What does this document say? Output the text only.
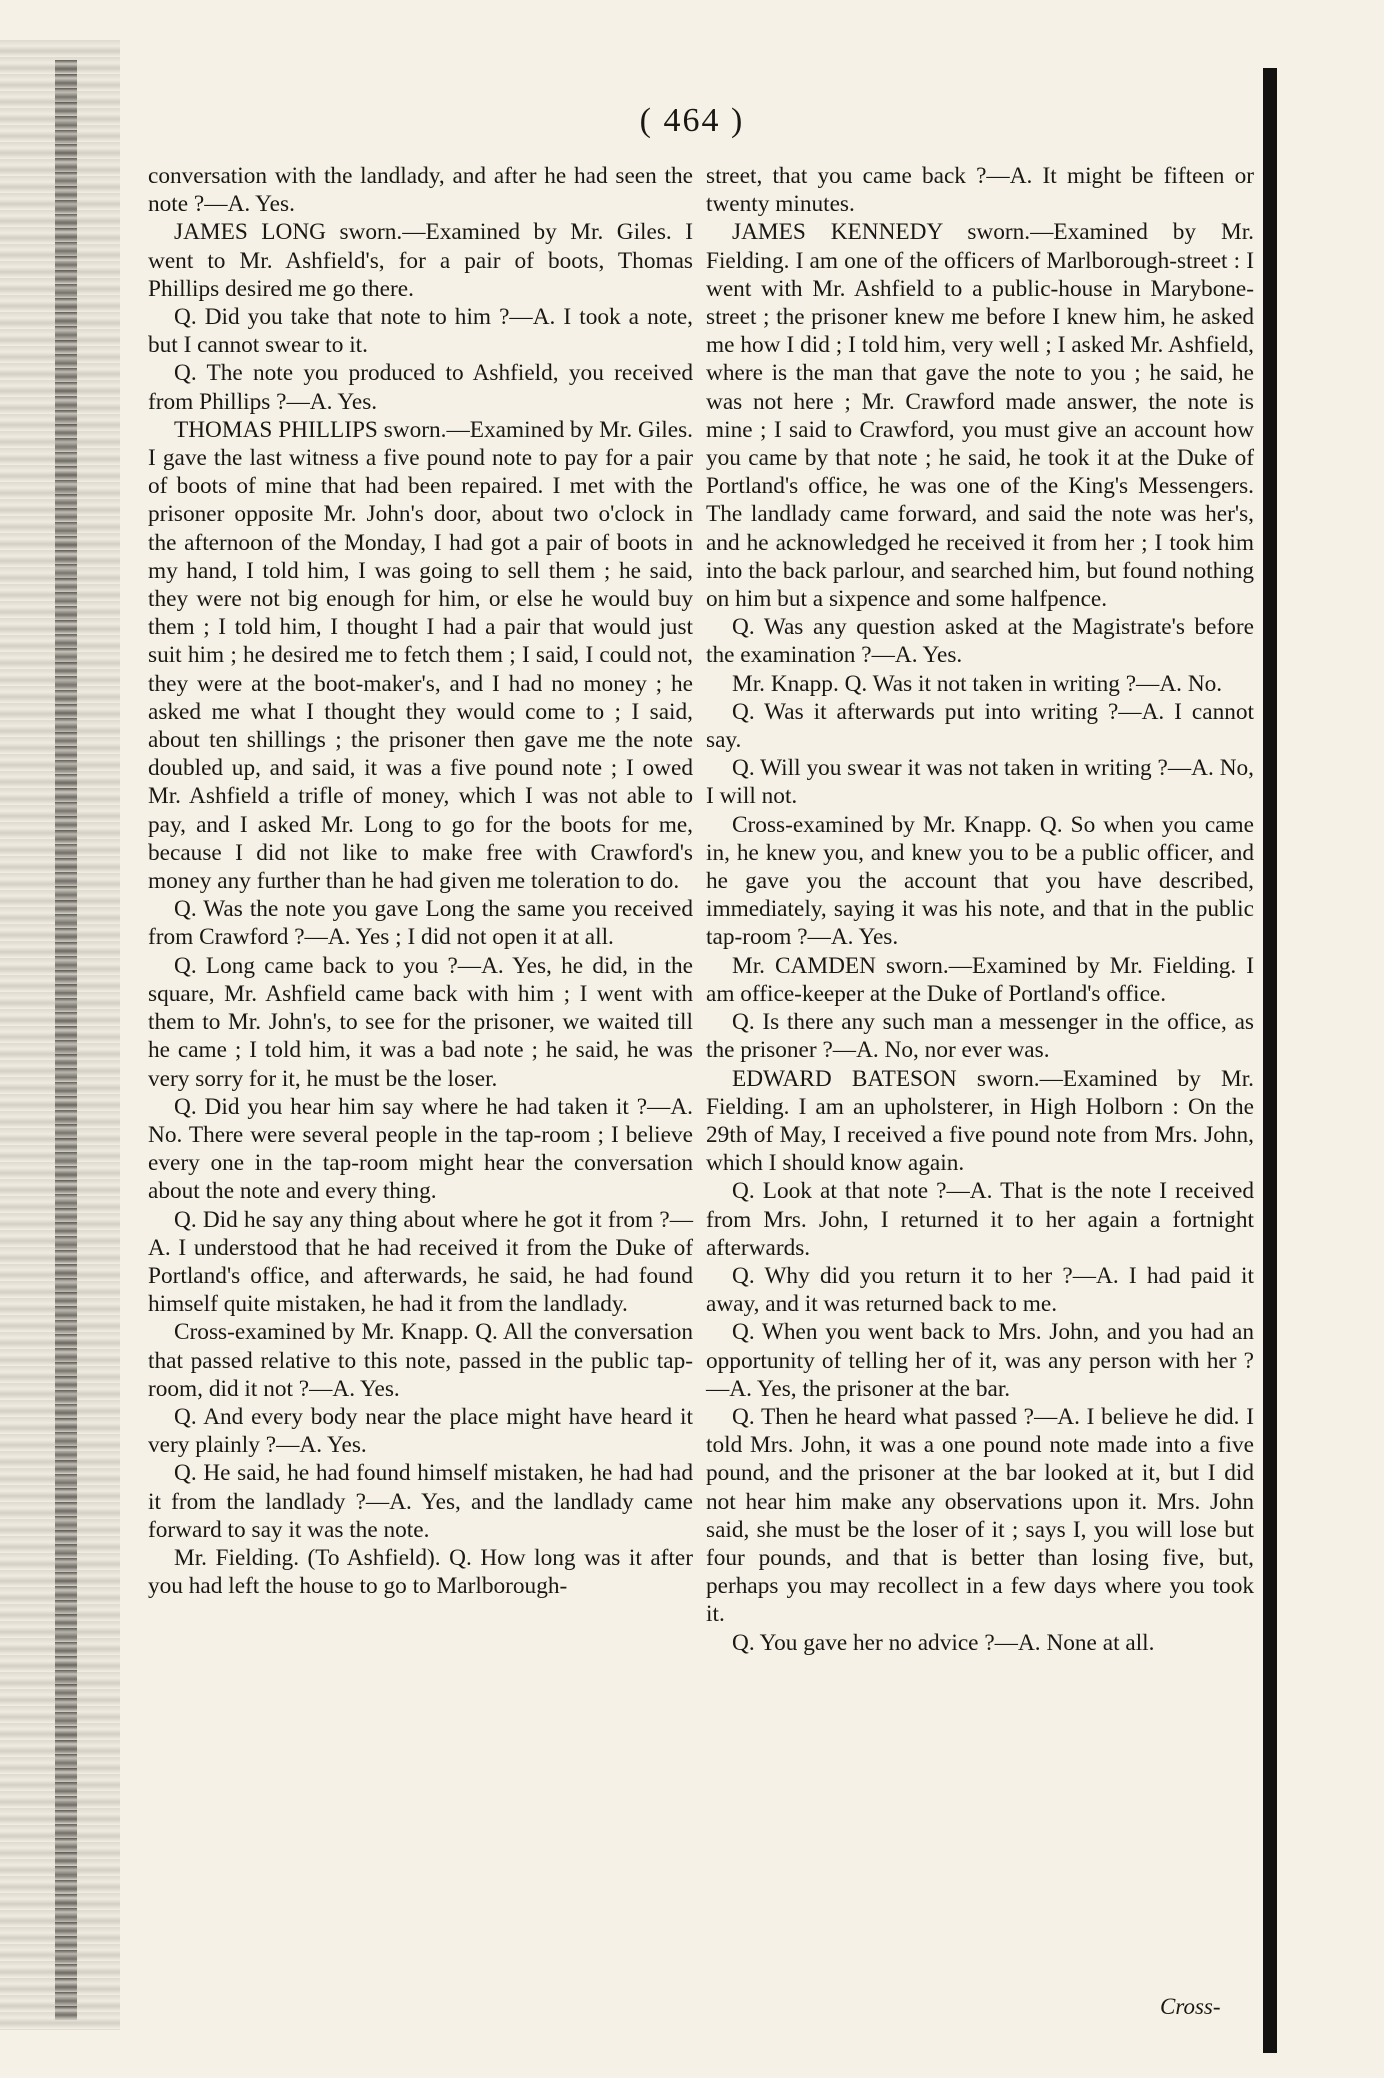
( 464 )

conversation with the landlady, and after he had seen the note ?—A. Yes.

JAMES LONG sworn.—Examined by Mr. Giles. I went to Mr. Ashfield's, for a pair of boots, Thomas Phillips desired me go there.

Q. Did you take that note to him ?—A. I took a note, but I cannot swear to it.

Q. The note you produced to Ashfield, you received from Phillips ?—A. Yes.

THOMAS PHILLIPS sworn.—Examined by Mr. Giles. I gave the last witness a five pound note to pay for a pair of boots of mine that had been repaired. I met with the prisoner opposite Mr. John's door, about two o'clock in the afternoon of the Monday, I had got a pair of boots in my hand, I told him, I was going to sell them ; he said, they were not big enough for him, or else he would buy them ; I told him, I thought I had a pair that would just suit him ; he desired me to fetch them ; I said, I could not, they were at the boot-maker's, and I had no money ; he asked me what I thought they would come to ; I said, about ten shillings ; the prisoner then gave me the note doubled up, and said, it was a five pound note ; I owed Mr. Ashfield a trifle of money, which I was not able to pay, and I asked Mr. Long to go for the boots for me, because I did not like to make free with Crawford's money any further than he had given me toleration to do.

Q. Was the note you gave Long the same you received from Crawford ?—A. Yes ; I did not open it at all.

Q. Long came back to you ?—A. Yes, he did, in the square, Mr. Ashfield came back with him ; I went with them to Mr. John's, to see for the prisoner, we waited till he came ; I told him, it was a bad note ; he said, he was very sorry for it, he must be the loser.

Q. Did you hear him say where he had taken it ?—A. No. There were several people in the tap-room ; I believe every one in the tap-room might hear the conversation about the note and every thing.

Q. Did he say any thing about where he got it from ?—A. I understood that he had received it from the Duke of Portland's office, and afterwards, he said, he had found himself quite mistaken, he had it from the landlady.

Cross-examined by Mr. Knapp. Q. All the conversation that passed relative to this note, passed in the public tap-room, did it not ?—A. Yes.

Q. And every body near the place might have heard it very plainly ?—A. Yes.

Q. He said, he had found himself mistaken, he had had it from the landlady ?—A. Yes, and the landlady came forward to say it was the note.

Mr. Fielding. (To Ashfield). Q. How long was it after you had left the house to go to Marlborough-

street, that you came back ?—A. It might be fifteen or twenty minutes.

JAMES KENNEDY sworn.—Examined by Mr. Fielding. I am one of the officers of Marlborough-street : I went with Mr. Ashfield to a public-house in Marybone-street ; the prisoner knew me before I knew him, he asked me how I did ; I told him, very well ; I asked Mr. Ashfield, where is the man that gave the note to you ; he said, he was not here ; Mr. Crawford made answer, the note is mine ; I said to Crawford, you must give an account how you came by that note ; he said, he took it at the Duke of Portland's office, he was one of the King's Messengers. The landlady came forward, and said the note was her's, and he acknowledged he received it from her ; I took him into the back parlour, and searched him, but found nothing on him but a sixpence and some halfpence.

Q. Was any question asked at the Magistrate's before the examination ?—A. Yes.

Mr. Knapp. Q. Was it not taken in writing ?—A. No.

Q. Was it afterwards put into writing ?—A. I cannot say.

Q. Will you swear it was not taken in writing ?—A. No, I will not.

Cross-examined by Mr. Knapp. Q. So when you came in, he knew you, and knew you to be a public officer, and he gave you the account that you have described, immediately, saying it was his note, and that in the public tap-room ?—A. Yes.

Mr. CAMDEN sworn.—Examined by Mr. Fielding. I am office-keeper at the Duke of Portland's office.

Q. Is there any such man a messenger in the office, as the prisoner ?—A. No, nor ever was.

EDWARD BATESON sworn.—Examined by Mr. Fielding. I am an upholsterer, in High Holborn : On the 29th of May, I received a five pound note from Mrs. John, which I should know again.

Q. Look at that note ?—A. That is the note I received from Mrs. John, I returned it to her again a fortnight afterwards.

Q. Why did you return it to her ?—A. I had paid it away, and it was returned back to me.

Q. When you went back to Mrs. John, and you had an opportunity of telling her of it, was any person with her ?—A. Yes, the prisoner at the bar.

Q. Then he heard what passed ?—A. I believe he did. I told Mrs. John, it was a one pound note made into a five pound, and the prisoner at the bar looked at it, but I did not hear him make any observations upon it. Mrs. John said, she must be the loser of it ; says I, you will lose but four pounds, and that is better than losing five, but, perhaps you may recollect in a few days where you took it.

Q. You gave her no advice ?—A. None at all.

Cross-
